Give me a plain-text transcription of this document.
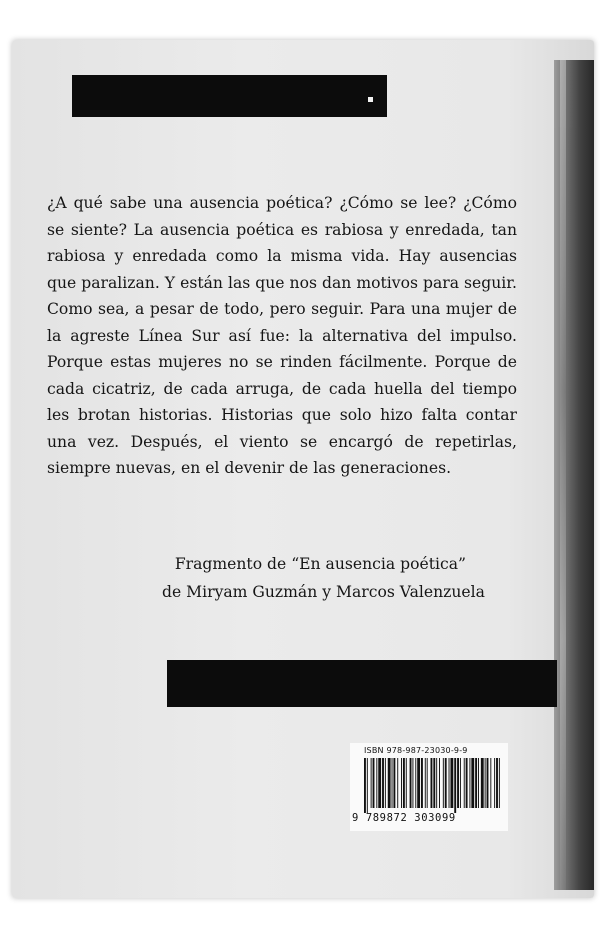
¿A qué sabe una ausencia poética? ¿Cómo se lee? ¿Cómo se siente? La ausencia poética es rabiosa y enredada, tan rabiosa y enredada como la misma vida. Hay ausencias que paralizan. Y están las que nos dan motivos para seguir. Como sea, a pesar de todo, pero seguir. Para una mujer de la agreste Línea Sur así fue: la alternativa del impulso. Porque estas mujeres no se rinden fácilmente. Porque de cada cicatriz, de cada arruga, de cada huella del tiempo les brotan historias. Historias que solo hizo falta contar una vez. Después, el viento se encargó de repetirlas, siempre nuevas, en el devenir de las generaciones.

Fragmento de “En ausencia poética”
de Miryam Guzmán y Marcos Valenzuela
ISBN 978-987-23030-9-9
9 789872 303099
